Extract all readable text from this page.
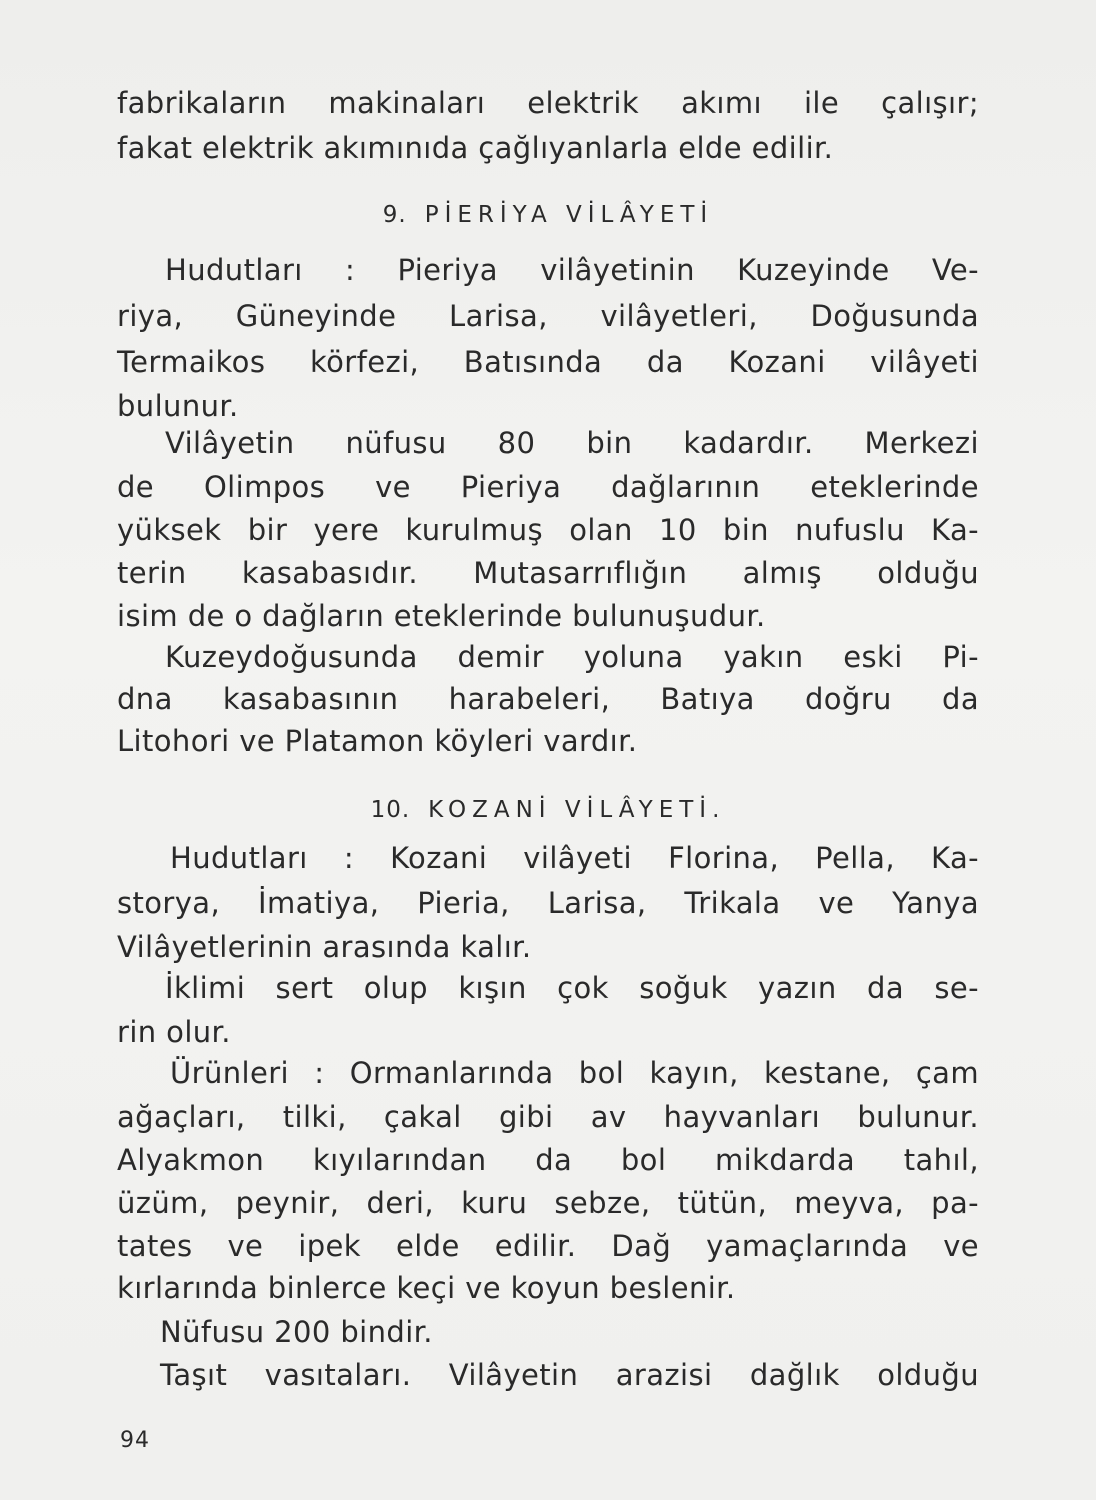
fabrikaların makinaları elektrik akımı ile çalışır;
fakat elektrik akımınıda çağlıyanlarla elde edilir.
9. PİERİYA VİLÂYETİ
Hudutları : Pieriya vilâyetinin Kuzeyinde Ve-
riya, Güneyinde Larisa, vilâyetleri, Doğusunda
Termaikos körfezi, Batısında da Kozani vilâyeti
bulunur.
Vilâyetin nüfusu 80 bin kadardır. Merkezi
de Olimpos ve Pieriya dağlarının eteklerinde
yüksek bir yere kurulmuş olan 10 bin nufuslu Ka-
terin kasabasıdır. Mutasarrıflığın almış olduğu
isim de o dağların eteklerinde bulunuşudur.
Kuzeydoğusunda demir yoluna yakın eski Pi-
dna kasabasının harabeleri, Batıya doğru da
Litohori ve Platamon köyleri vardır.
10. KOZANİ VİLÂYETİ.
Hudutları : Kozani vilâyeti Florina, Pella, Ka-
storya, İmatiya, Pieria, Larisa, Trikala ve Yanya
Vilâyetlerinin arasında kalır.
İklimi sert olup kışın çok soğuk yazın da se-
rin olur.
Ürünleri : Ormanlarında bol kayın, kestane, çam
ağaçları, tilki, çakal gibi av hayvanları bulunur.
Alyakmon kıyılarından da bol mikdarda tahıl,
üzüm, peynir, deri, kuru sebze, tütün, meyva, pa-
tates ve ipek elde edilir. Dağ yamaçlarında ve
kırlarında binlerce keçi ve koyun beslenir.
Nüfusu 200 bindir.
Taşıt vasıtaları. Vilâyetin arazisi dağlık olduğu
94
